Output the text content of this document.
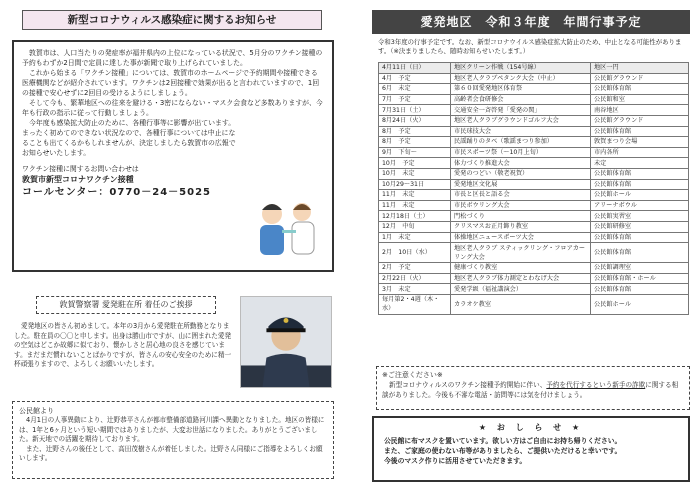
新型コロナウィルス感染症に関するお知らせ

敦賀市は、人口当たりの発症率が福井県内の上位になっている状況で、5月分のワクチン接種の予約もわずか2日間で定員に達した事が新聞で取り上げられていました。

これから始まる「ワクチン接種」については、敦賀市のホームページで予約期間や接種できる医療機関などが紹介されています。ワクチンは2回接種で効果が出ると言われていますので、1回の接種で安心せずに2回目の受けるようにしましょう。

そして今も、繁華地区への往来を避ける・3密にならない・マスク会食など多数ありますが、今年も行政の指示に従って行動しましょう。

今年度も感染拡大防止のために、各種行事等に影響が出ています。まったく初めてのできない状況なので、各種行事については中止になることも出てくるかもしれませんが、決定しましたら敦賀市の広報でお知らせいたします。

ワクチン接種に関するお問い合わせは
敦賀市新型コロナワクチン接種
コールセンター：0770－24－5025
敦賀警察署 愛発駐在所 着任のご挨拶
愛発地区の皆さん初めまして。本年の3月から愛発駐在所勤務となりました。駐在員の〇〇と申します。出身は勝山市ですが、山に囲まれた愛発の空気はどこか故郷に似ており、懐かしさと居心地の良さを感じています。まだまだ慣れないことばかりですが、皆さんの安心安全のために精一杯頑張りますので、よろしくお願いいたします。
公民館より

4月1日の人事異動により、辻野恭平さんが都市整備部道路河川課へ異動となりました。地区の皆様には、1年と6ヶ月という短い期間ではありましたが、大変お世話になりました。ありがとうございました。新天地での活躍を期待しております。

また、辻野さんの後任として、高田茂樹さんが着任しました。辻野さん同様にご指導をよろしくお願いします。

愛発地区　令和３年度　年間行事予定
令和3年度の行事予定です。なお、新型コロナウイルス感染症拡大防止のため、中止となる可能性があります。（※決まりましたら、随時お知らせいたします。）
4月11日（日）	地区クリーン作戦（154号線）	地区一円
4月　予定	地区老人クラブペタンク大会（中止）	公民館グラウンド
6月　未定	第６０回愛発地区体育祭	公民館体育館
7月　予定	高齢者会食研修会	公民館和室
7月31日（土）	交通安全一斉啓発「愛発の関」	南谷地区
8月24日（火）	地区老人クラブグラウンドゴルフ大会	公民館グラウンド
8月　予定	市民球技大会	公民館体育館
8月　予定	民謡踊りのタベ（歌謡まつり参加）	敦賀まつり会場
9月　下旬～	市民スポーツ祭（～10月上旬）	市内各所
10月　予定	体力づくり推進大会	未定
10月　未定	愛発のつどい（敬老祝賀）	公民館体育館
10月29～31日	愛発地区文化展	公民館体育館
11月　未定	市長と区長と語る会	公民館ホール
11月　未定	市民ボウリング大会	アリーナボウル
12月18日（土）	門松づくり	公民館実習室
12月　中旬	クリスマスお正月飾り教室	公民館研修室
1月　未定	体操地区ニュースポーツ大会	公民館体育館
2月　10日（水）	地区老人クラブ スティックリング・フロアカーリング大会	公民館体育館
2月　予定	健康づくり教室	公民館調理室
2月22日（火）	地区老人クラブ体力測定とわなげ大会	公民館体育館・ホール
3月　未定	愛発学級（福祉講演会）	公民館体育館
毎月第2・4週（木・水）	カラオケ教室	公民館ホール
※ご注意ください※
新型コロナウィルスのワクチン接種予約開始に伴い、予約を代行するという新手の詐欺に関する相談がありました。今後も不審な電話・訪問等には気を付けましょう。
★ お し ら せ ★
公民館に布マスクを置いています。欲しい方はご自由にお持ち帰りください。
また、ご家庭の使わない布等がありましたら、ご提供いただけると幸いです。
今後のマスク作りに活用させていただきます。
